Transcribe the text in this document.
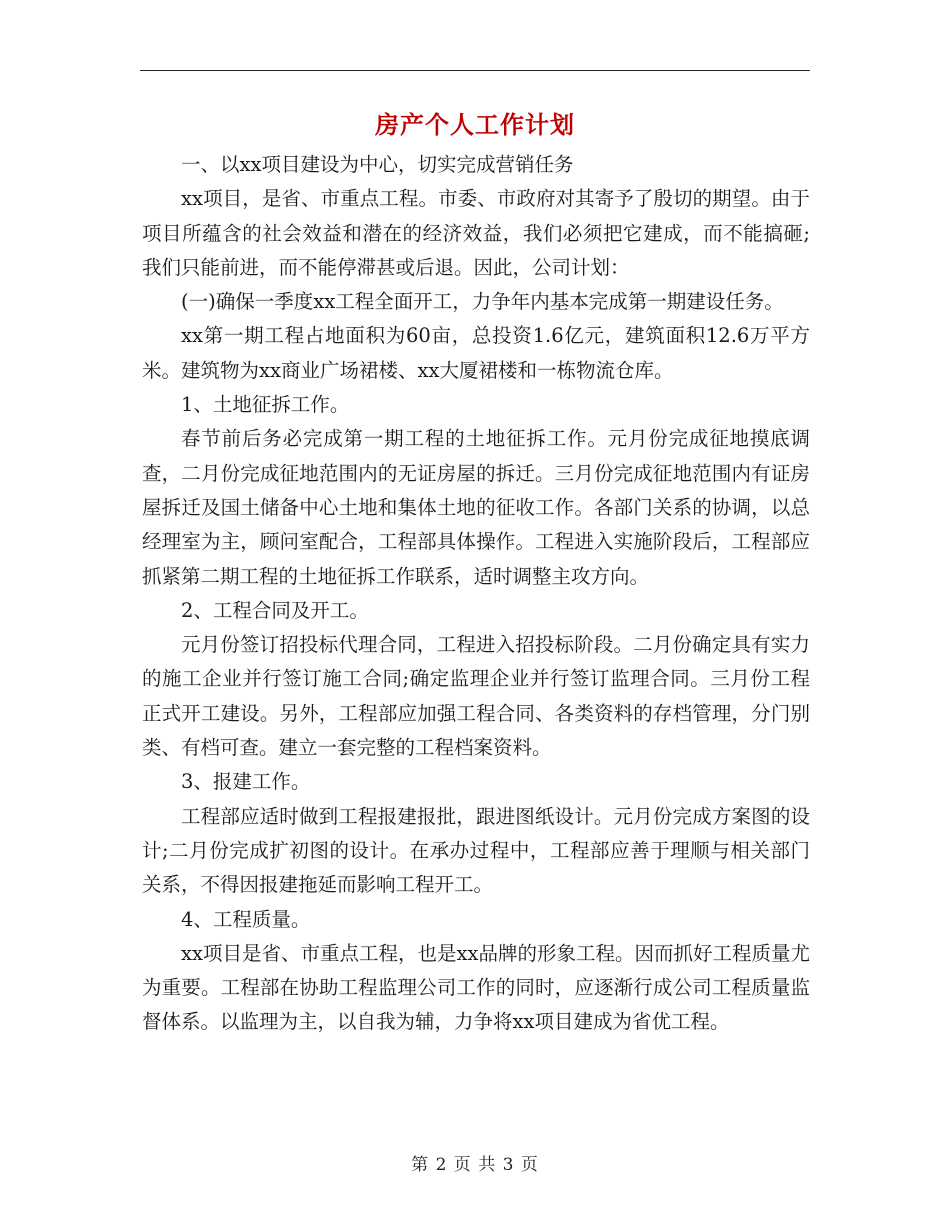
房产个人工作计划

一、以xx项目建设为中心，切实完成营销任务

xx项目，是省、市重点工程。市委、市政府对其寄予了殷切的期望。由于项目所蕴含的社会效益和潜在的经济效益，我们必须把它建成，而不能搞砸;我们只能前进，而不能停滞甚或后退。因此，公司计划：

(一)确保一季度xx工程全面开工，力争年内基本完成第一期建设任务。

xx第一期工程占地面积为60亩，总投资1.6亿元，建筑面积12.6万平方米。建筑物为xx商业广场裙楼、xx大厦裙楼和一栋物流仓库。

1、土地征拆工作。

春节前后务必完成第一期工程的土地征拆工作。元月份完成征地摸底调查，二月份完成征地范围内的无证房屋的拆迁。三月份完成征地范围内有证房屋拆迁及国土储备中心土地和集体土地的征收工作。各部门关系的协调，以总经理室为主，顾问室配合，工程部具体操作。工程进入实施阶段后，工程部应抓紧第二期工程的土地征拆工作联系，适时调整主攻方向。

2、工程合同及开工。

元月份签订招投标代理合同，工程进入招投标阶段。二月份确定具有实力的施工企业并行签订施工合同;确定监理企业并行签订监理合同。三月份工程正式开工建设。另外，工程部应加强工程合同、各类资料的存档管理，分门别类、有档可查。建立一套完整的工程档案资料。

3、报建工作。

工程部应适时做到工程报建报批，跟进图纸设计。元月份完成方案图的设计;二月份完成扩初图的设计。在承办过程中，工程部应善于理顺与相关部门关系，不得因报建拖延而影响工程开工。

4、工程质量。

xx项目是省、市重点工程，也是xx品牌的形象工程。因而抓好工程质量尤为重要。工程部在协助工程监理公司工作的同时，应逐渐行成公司工程质量监督体系。以监理为主，以自我为辅，力争将xx项目建成为省优工程。

第 2 页 共 3 页
